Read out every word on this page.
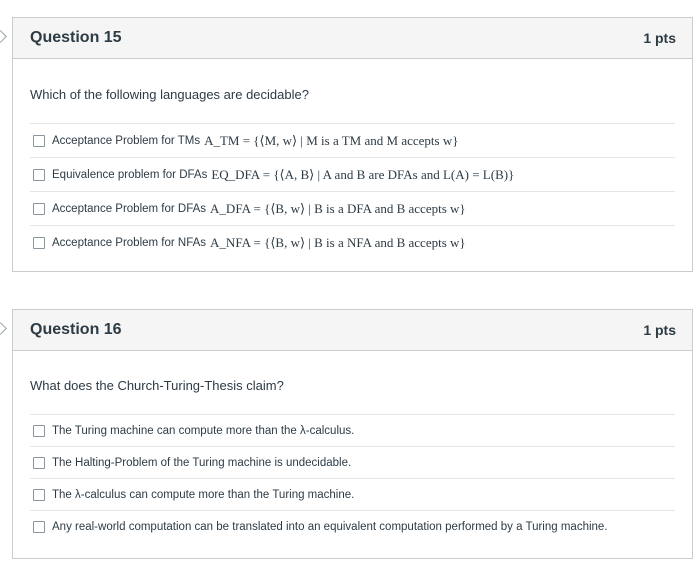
Question 15	1 pts

Which of the following languages are decidable?

Acceptance Problem for TMs A_TM = {⟨M, w⟩ | M is a TM and M accepts w}
Equivalence problem for DFAs EQ_DFA = {⟨A, B⟩ | A and B are DFAs and L(A) = L(B)}
Acceptance Problem for DFAs A_DFA = {⟨B, w⟩ | B is a DFA and B accepts w}
Acceptance Problem for NFAs A_NFA = {⟨B, w⟩ | B is a NFA and B accepts w}
Question 16	1 pts

What does the Church-Turing-Thesis claim?

The Turing machine can compute more than the λ-calculus.
The Halting-Problem of the Turing machine is undecidable.
The λ-calculus can compute more than the Turing machine.
Any real-world computation can be translated into an equivalent computation performed by a Turing machine.
